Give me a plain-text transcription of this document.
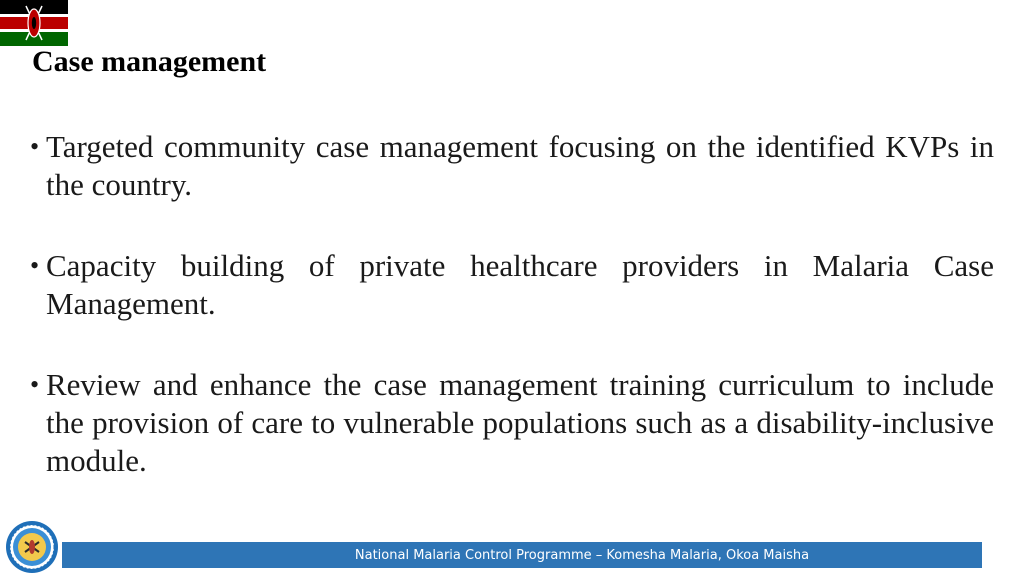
Case management
• Targeted community case management focusing on the identified KVPs in the country.
• Capacity building of private healthcare providers in Malaria Case Management.
• Review and enhance the case management training curriculum to include the provision of care to vulnerable populations such as a disability-inclusive module.
National Malaria Control Programme – Komesha Malaria, Okoa Maisha
